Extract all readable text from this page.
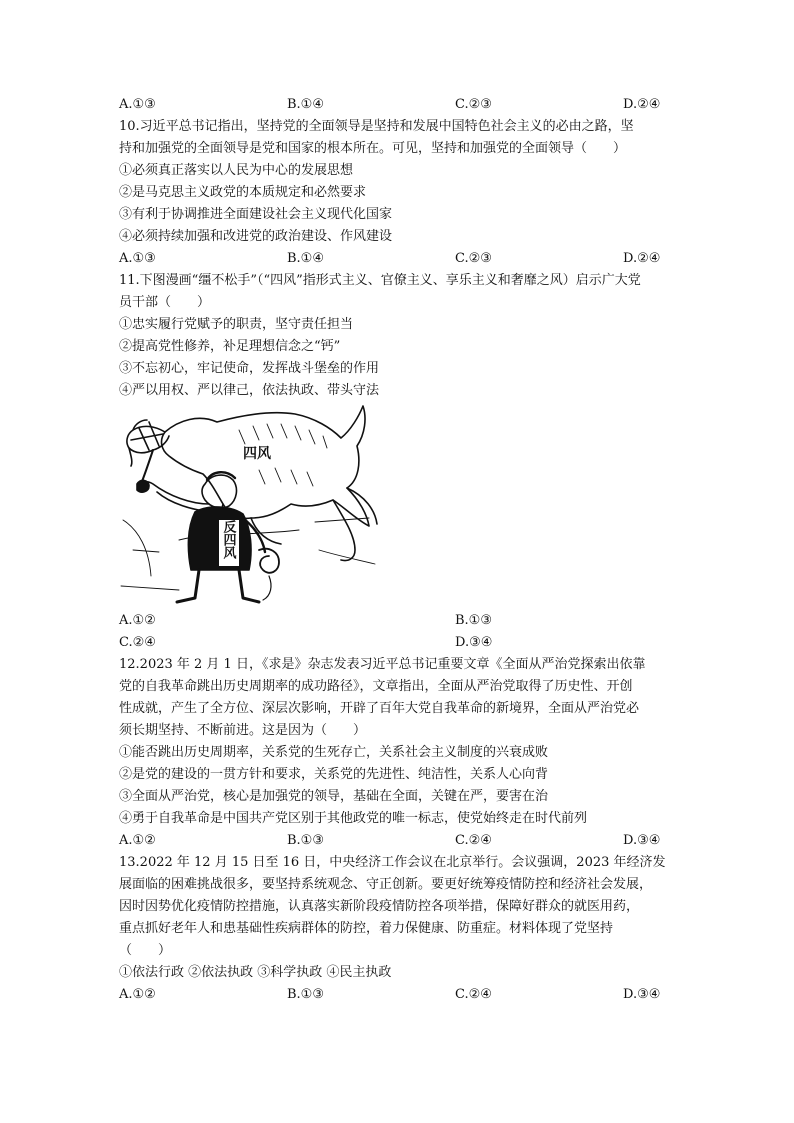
A.①③	B.①④	C.②③	D.②④
10.习近平总书记指出，坚持党的全面领导是坚持和发展中国特色社会主义的必由之路，坚
持和加强党的全面领导是党和国家的根本所在。可见，坚持和加强党的全面领导（　　）
①必须真正落实以人民为中心的发展思想
②是马克思主义政党的本质规定和必然要求
③有利于协调推进全面建设社会主义现代化国家
④必须持续加强和改进党的政治建设、作风建设
A.①③	B.①④	C.②③	D.②④
11.下图漫画“缰不松手”（“四风”指形式主义、官僚主义、享乐主义和奢靡之风）启示广大党
员干部（　　）
①忠实履行党赋予的职责，坚守责任担当
②提高党性修养，补足理想信念之“钙”
③不忘初心，牢记使命，发挥战斗堡垒的作用
④严以用权、严以律己，依法执政、带头守法
四风
反四风
A.①②	B.①③
C.②④	D.③④
12.2023 年 2 月 1 日，《求是》杂志发表习近平总书记重要文章《全面从严治党探索出依靠
党的自我革命跳出历史周期率的成功路径》，文章指出，全面从严治党取得了历史性、开创
性成就，产生了全方位、深层次影响，开辟了百年大党自我革命的新境界，全面从严治党必
须长期坚持、不断前进。这是因为（　　）
①能否跳出历史周期率，关系党的生死存亡，关系社会主义制度的兴衰成败
②是党的建设的一贯方针和要求，关系党的先进性、纯洁性，关系人心向背
③全面从严治党，核心是加强党的领导，基础在全面，关键在严，要害在治
④勇于自我革命是中国共产党区别于其他政党的唯一标志，使党始终走在时代前列
A.①②	B.①③	C.②④	D.③④
13.2022 年 12 月 15 日至 16 日，中央经济工作会议在北京举行。会议强调，2023 年经济发
展面临的困难挑战很多，要坚持系统观念、守正创新。要更好统筹疫情防控和经济社会发展，
因时因势优化疫情防控措施，认真落实新阶段疫情防控各项举措，保障好群众的就医用药，
重点抓好老年人和患基础性疾病群体的防控，着力保健康、防重症。材料体现了党坚持
（　　）
①依法行政 ②依法执政 ③科学执政 ④民主执政
A.①②	B.①③	C.②④	D.③④
